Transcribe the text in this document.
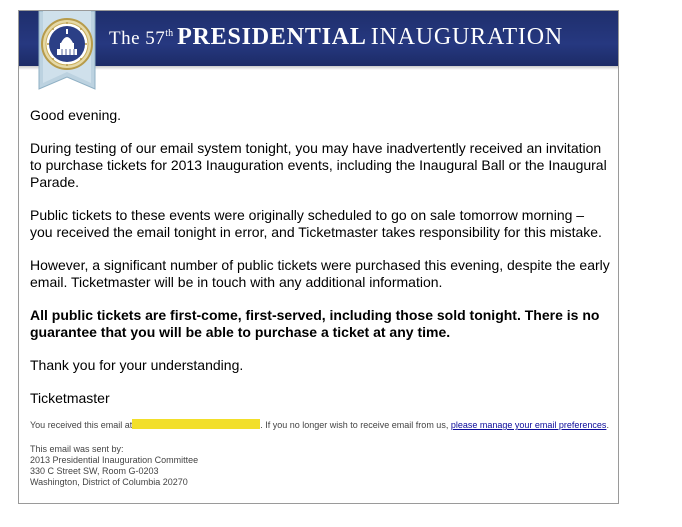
The 57th PRESIDENTIAL INAUGURATION

Good evening.

During testing of our email system tonight, you may have inadvertently received an invitation to purchase tickets for 2013 Inauguration events, including the Inaugural Ball or the Inaugural Parade.

Public tickets to these events were originally scheduled to go on sale tomorrow morning – you received the email tonight in error, and Ticketmaster takes responsibility for this mistake.

However, a significant number of public tickets were purchased this evening, despite the early email. Ticketmaster will be in touch with any additional information.

All public tickets are first-come, first-served, including those sold tonight. There is no guarantee that you will be able to purchase a ticket at any time.

Thank you for your understanding.

Ticketmaster

You received this email at	. If you no longer wish to receive email from us, please manage your email preferences.
This email was sent by:
2013 Presidential Inauguration Committee
330 C Street SW, Room G-0203
Washington, District of Columbia 20270
